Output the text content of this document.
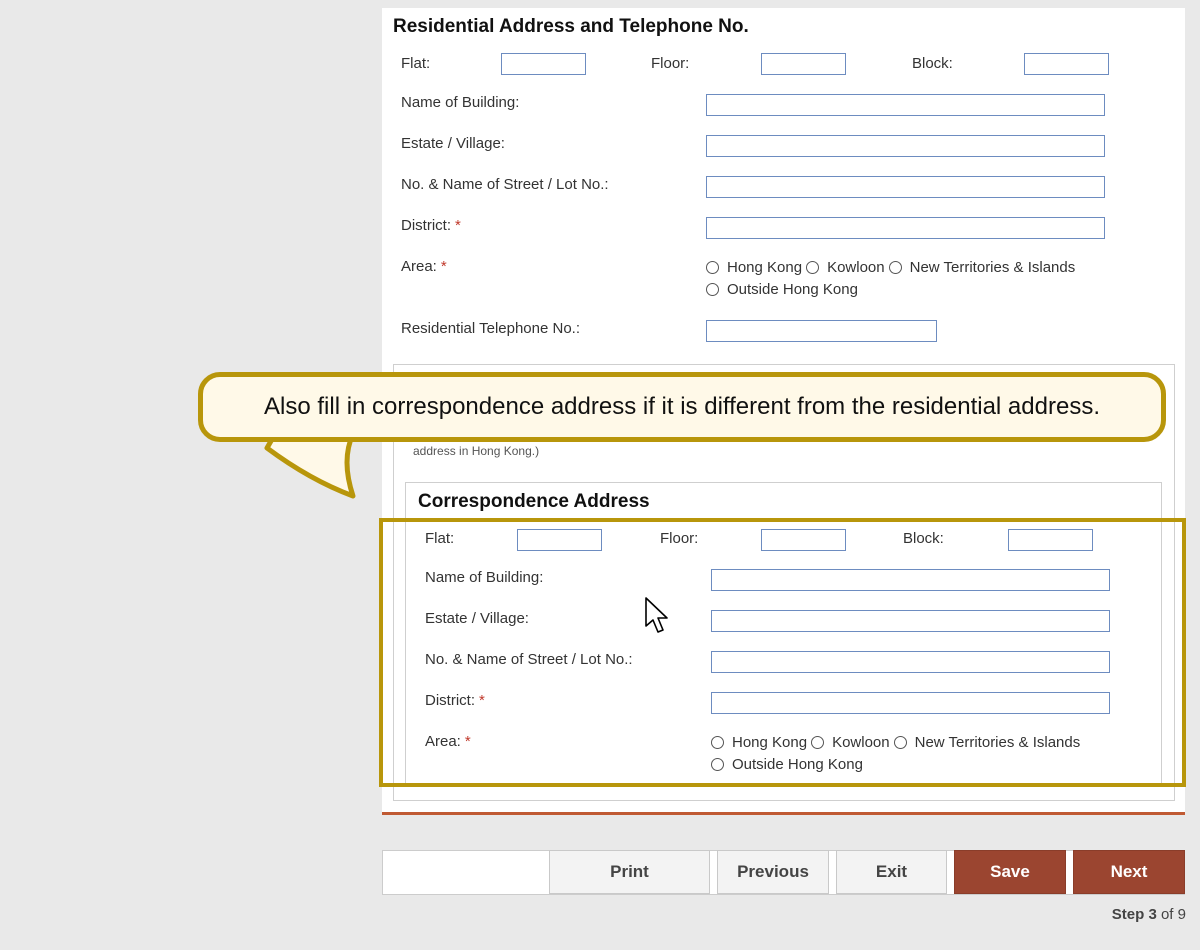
Residential Address and Telephone No.
Flat:	Floor:	Block:
Name of Building:
Estate / Village:
No. & Name of Street / Lot No.:
District: *
Area: *	Hong Kong Kowloon New Territories & Islands
Outside Hong Kong
Residential Telephone No.:
address in Hong Kong.)
Correspondence Address
Flat:	Floor:	Block:
Name of Building:
Estate / Village:
No. & Name of Street / Lot No.:
District: *
Area: *	Hong Kong Kowloon New Territories & Islands
Outside Hong Kong
Also fill in correspondence address if it is different from the residential address.
Print	Previous	Exit	Save	Next
Step 3 of 9
